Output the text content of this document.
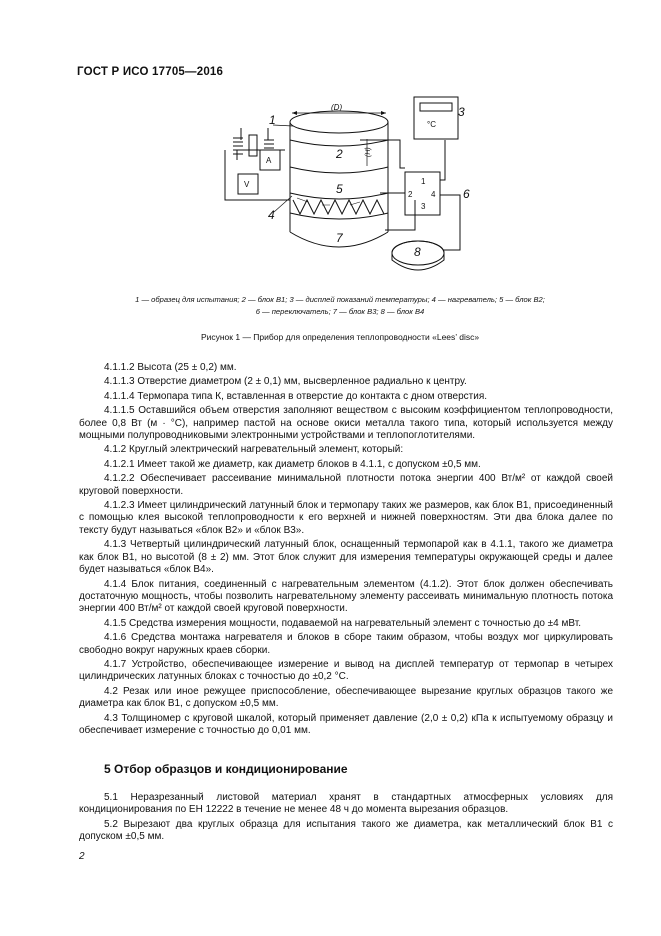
ГОСТ Р ИСО 17705—2016
1
2
3
4
5	6
7
8
(D)
(H)
A
V
°C
1
2
3
4
1 — образец для испытания; 2 — блок В1; 3 — дисплей показаний температуры; 4 — нагреватель; 5 — блок В2;
6 — переключатель; 7 — блок В3; 8 — блок В4
Рисунок 1 — Прибор для определения теплопроводности «Lees’ disc»

4.1.1.2 Высота (25 ± 0,2) мм.

4.1.1.3 Отверстие диаметром (2 ± 0,1) мм, высверленное радиально к центру.

4.1.1.4 Термопара типа К, вставленная в отверстие до контакта с дном отверстия.

4.1.1.5 Оставшийся объем отверстия заполняют веществом с высоким коэффициентом теплопроводности, более 0,8 Вт (м · °С), например пастой на основе окиси металла такого типа, который используется между мощными полупроводниковыми электронными устройствами и теплопоглотителями.

4.1.2 Круглый электрический нагревательный элемент, который:

4.1.2.1 Имеет такой же диаметр, как диаметр блоков в 4.1.1, с допуском ±0,5 мм.

4.1.2.2 Обеспечивает рассеивание минимальной плотности потока энергии 400 Вт/м² от каждой своей круговой поверхности.

4.1.2.3 Имеет цилиндрический латунный блок и термопару таких же размеров, как блок В1, присоединенный с помощью клея высокой теплопроводности к его верхней и нижней поверхностям. Эти два блока далее по тексту будут называться «блок В2» и «блок В3».

4.1.3 Четвертый цилиндрический латунный блок, оснащенный термопарой как в 4.1.1, такого же диаметра как блок В1, но высотой (8 ± 2) мм. Этот блок служит для измерения температуры окружающей среды и далее будет называться «блок В4».

4.1.4 Блок питания, соединенный с нагревательным элементом (4.1.2). Этот блок должен обеспечивать достаточную мощность, чтобы позволить нагревательному элементу рассеивать минимальную плотность потока энергии 400 Вт/м² от каждой своей круговой поверхности.

4.1.5 Средства измерения мощности, подаваемой на нагревательный элемент с точностью до ±4 мВт.

4.1.6 Средства монтажа нагревателя и блоков в сборе таким образом, чтобы воздух мог циркулировать свободно вокруг наружных краев сборки.

4.1.7 Устройство, обеспечивающее измерение и вывод на дисплей температур от термопар в четырех цилиндрических латунных блоках с точностью до ±0,2 °С.

4.2 Резак или иное режущее приспособление, обеспечивающее вырезание круглых образцов такого же диаметра как блок В1, с допуском ±0,5 мм.

4.3 Толщиномер с круговой шкалой, который применяет давление (2,0 ± 0,2) кПа к испытуемому образцу и обеспечивает измерение с точностью до 0,01 мм.

5 Отбор образцов и кондиционирование

5.1 Неразрезанный листовой материал хранят в стандартных атмосферных условиях для кондиционирования по ЕН 12222 в течение не менее 48 ч до момента вырезания образцов.

5.2 Вырезают два круглых образца для испытания такого же диаметра, как металлический блок В1 с допуском ±0,5 мм.

2
